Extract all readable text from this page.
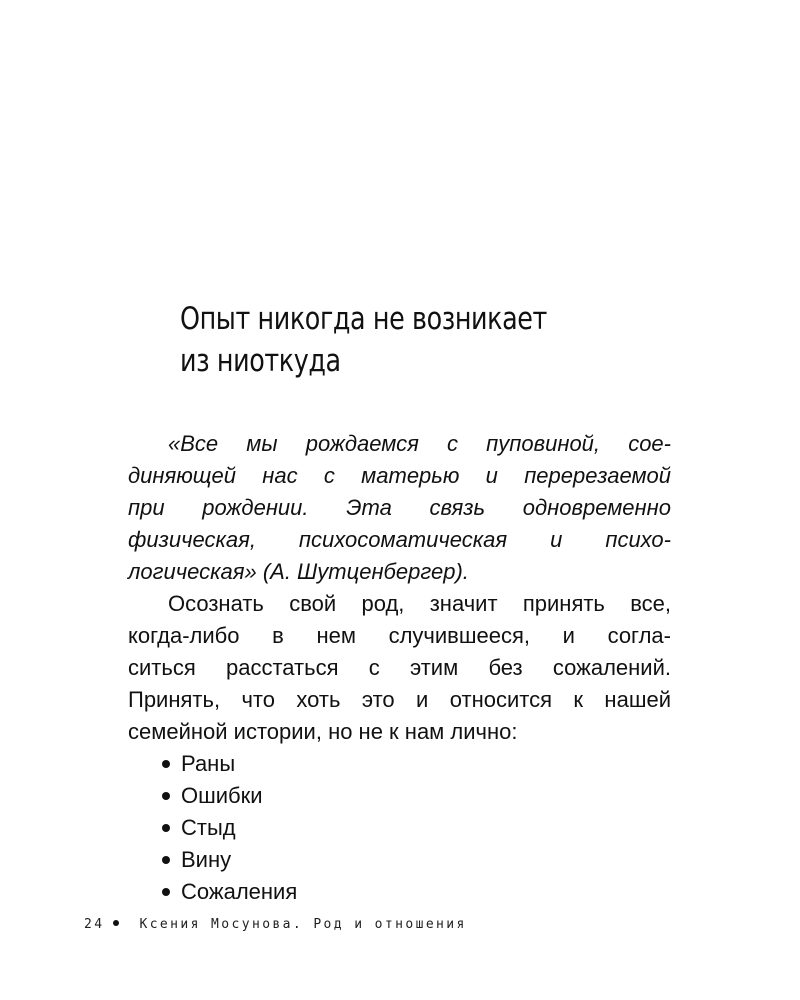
Опыт никогда не возникает
из ниоткуда
«Все мы рождаемся с пуповиной, сое-
диняющей нас с матерью и перерезаемой
при рождении. Эта связь одновременно
физическая, психосоматическая и психо-
логическая» (А. Шутценбергер).
Осознать свой род, значит принять все,
когда-либо в нем случившееся, и согла-
ситься расстаться с этим без сожалений.
Принять, что хоть это и относится к нашей
семейной истории, но не к нам лично:
Раны
Ошибки
Стыд
Вину
Сожаления
24	Ксения Мосунова. Род и отношения
